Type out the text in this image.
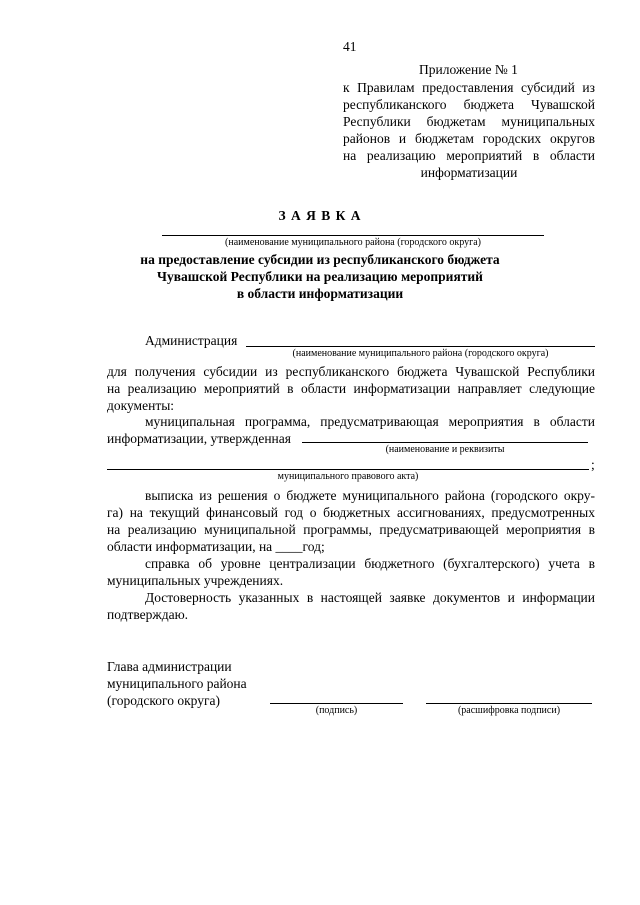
41
Приложение № 1
к Правилам предоставления субсидий из
республиканского бюджета Чувашской
Республики бюджетам муниципальных
районов и бюджетам городских округов
на реализацию мероприятий в области
информатизации
З А Я В К А
(наименование муниципального района (городского округа)
на предоставление субсидии из республиканского бюджета
Чувашской Республики на реализацию мероприятий
в области информатизации
Администрация
(наименование муниципального района (городского округа)
для получения субсидии из республиканского бюджета Чувашской Республики
на реализацию мероприятий в области информатизации направляет следующие
документы:
муниципальная программа, предусматривающая мероприятия в области
информатизации, утвержденная
(наименование и реквизиты
;
муниципального правового акта)
выписка из решения о бюджете муниципального района (городского окру-
га) на текущий финансовый год о бюджетных ассигнованиях, предусмотренных
на реализацию муниципальной программы, предусматривающей мероприятия в
области информатизации, на ____год;
справка об уровне централизации бюджетного (бухгалтерского) учета в
муниципальных учреждениях.
Достоверность указанных в настоящей заявке документов и информации
подтверждаю.
Глава администрации
муниципального района
(городского округа)
(подпись)	(расшифровка подписи)
